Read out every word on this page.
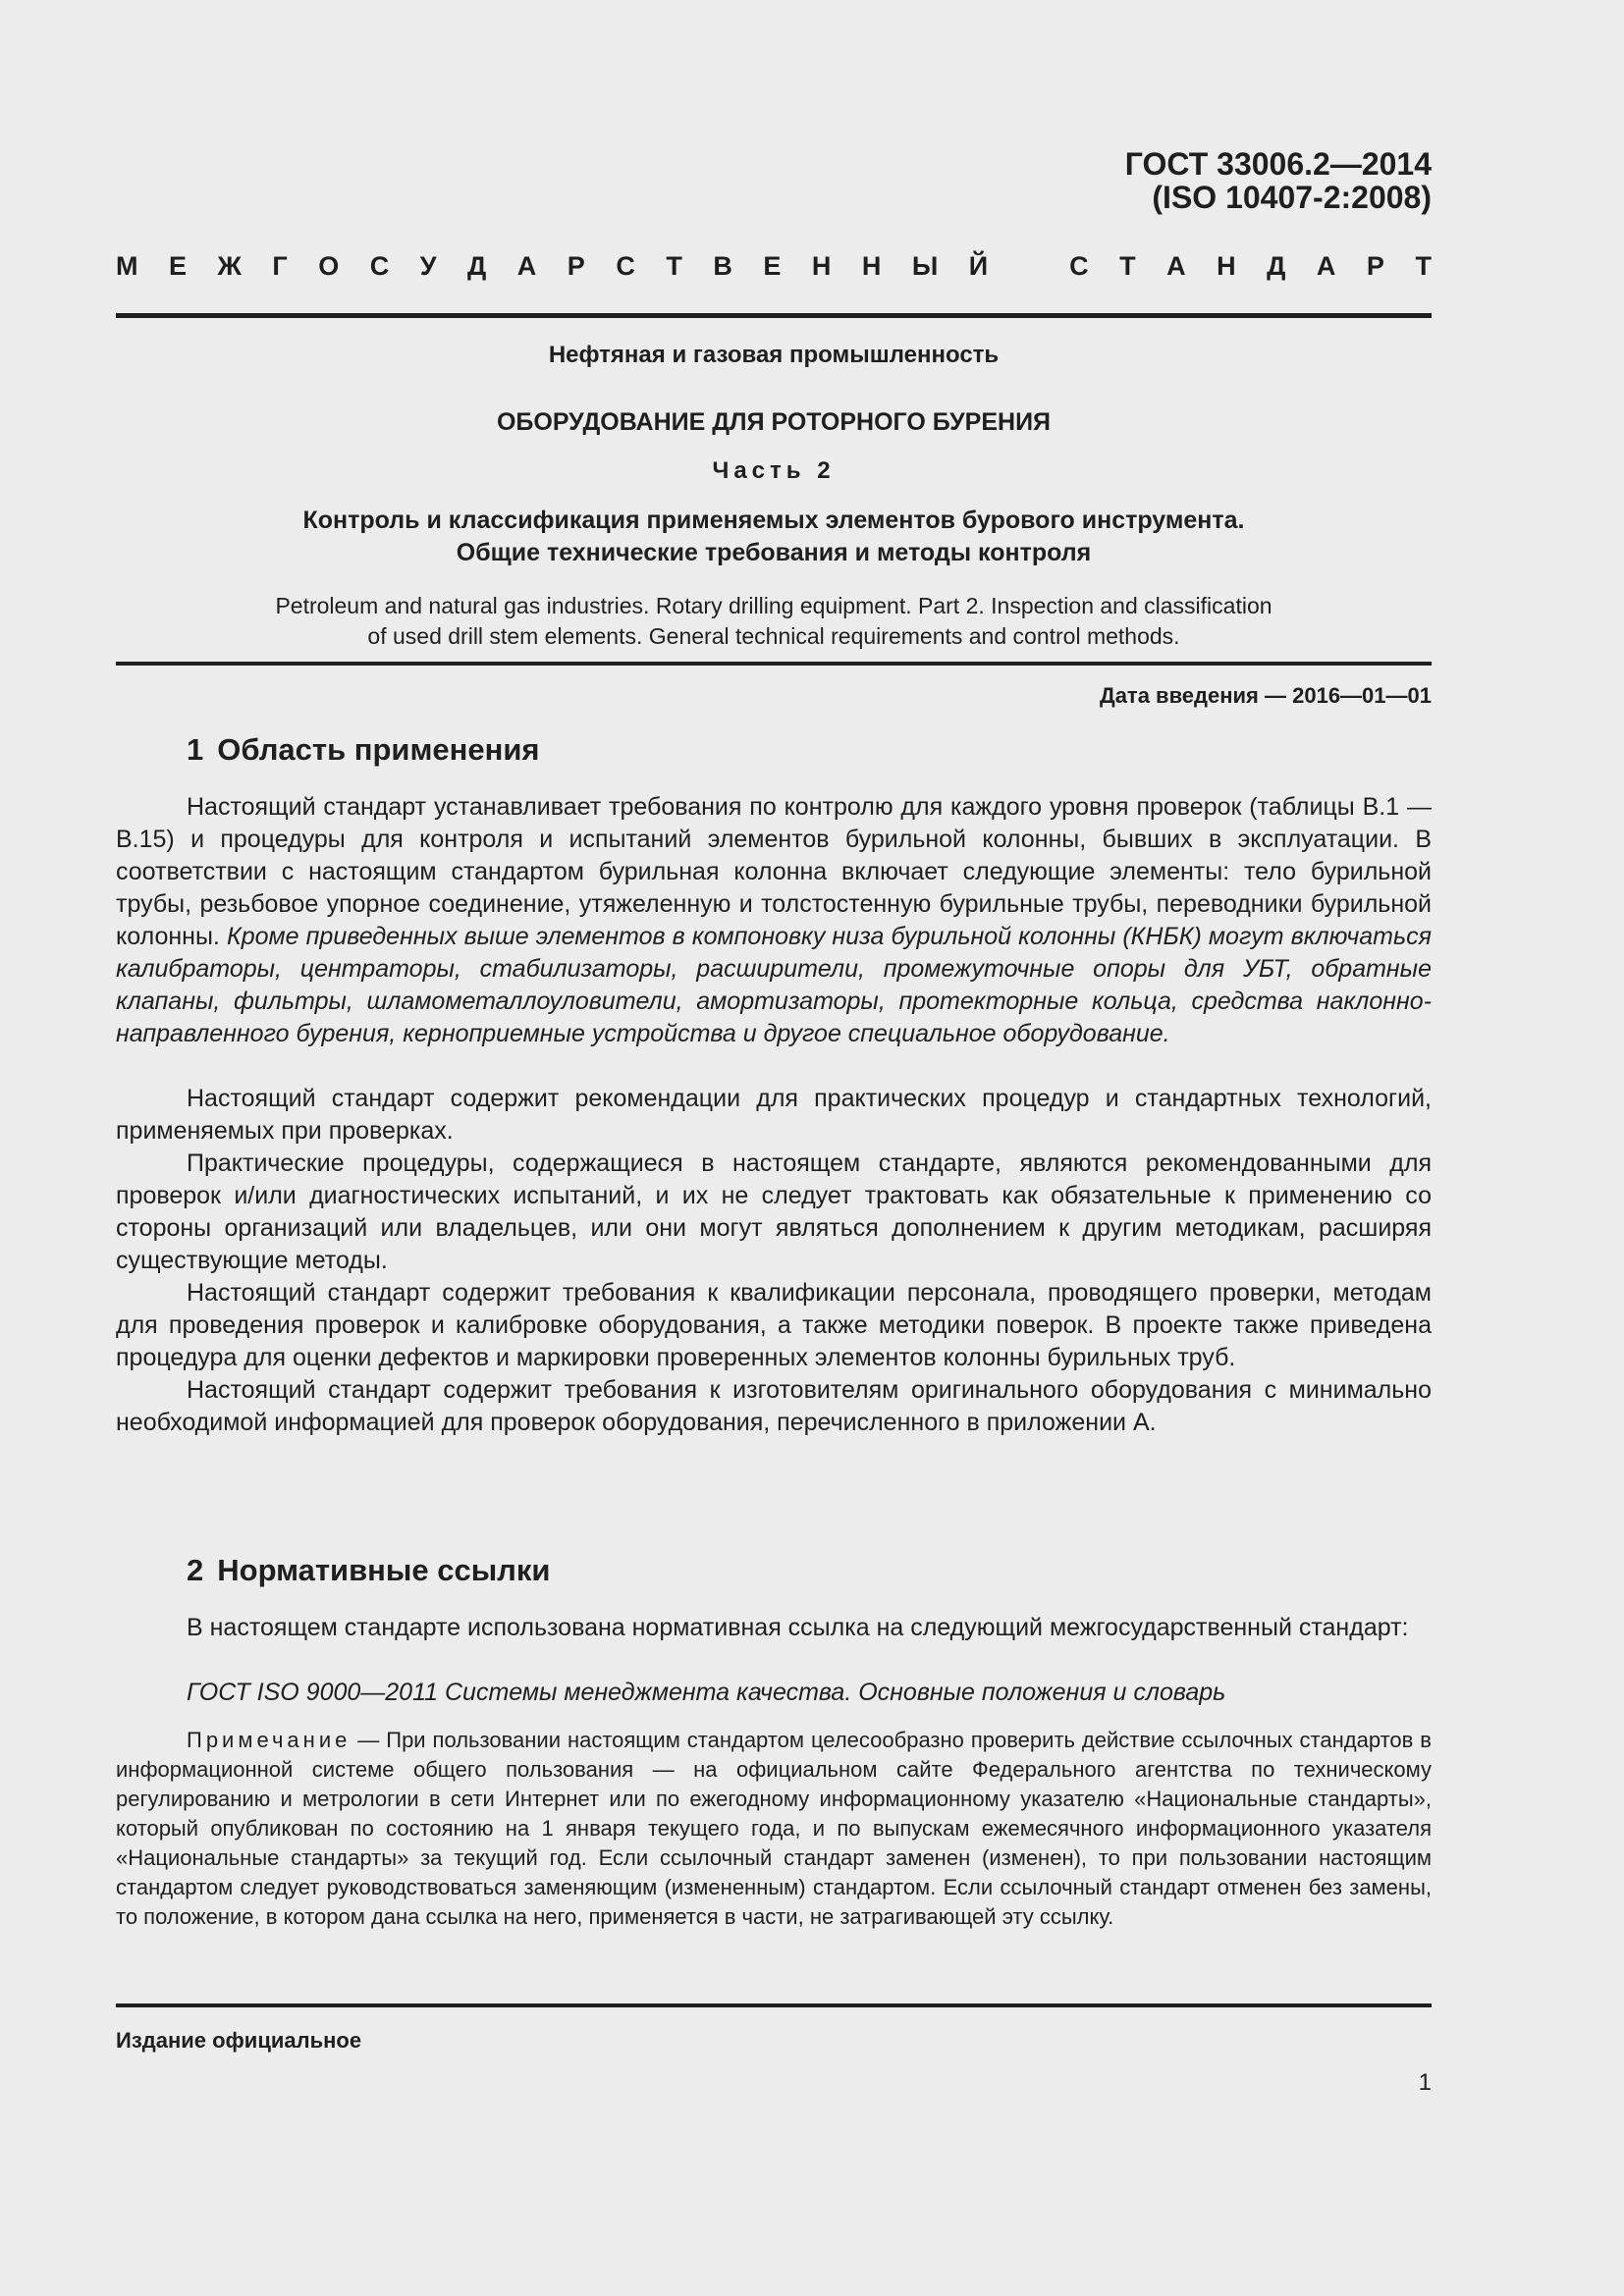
ГОСТ 33006.2—2014
(ISO 10407-2:2008)
М Е Ж Г О С У Д А Р С Т В Е Н Н Ы Й	С Т А Н Д А Р Т
Нефтяная и газовая промышленность
ОБОРУДОВАНИЕ ДЛЯ РОТОРНОГО БУРЕНИЯ
Часть 2
Контроль и классификация применяемых элементов бурового инструмента.
Общие технические требования и методы контроля
Petroleum and natural gas industries. Rotary drilling equipment. Part 2. Inspection and classification
of used drill stem elements. General technical requirements and control methods.
Дата введения — 2016—01—01
1 Область применения

Настоящий стандарт устанавливает требования по контролю для каждого уровня проверок (таблицы B.1 — B.15) и процедуры для контроля и испытаний элементов бурильной колонны, бывших в эксплуатации. В соответствии с настоящим стандартом бурильная колонна включает следующие элементы: тело бурильной трубы, резьбовое упорное соединение, утяжеленную и толстостенную бурильные трубы, переводники бурильной колонны. Кроме приведенных выше элементов в компоновку низа бурильной колонны (КНБК) могут включаться калибраторы, центраторы, стабилизаторы, расширители, промежуточные опоры для УБТ, обратные клапаны, фильтры, шламометаллоуловители, амортизаторы, протекторные кольца, средства наклонно-направленного бурения, кернoприемные устройства и другое специальное оборудование.

Настоящий стандарт содержит рекомендации для практических процедур и стандартных технологий, применяемых при проверках.

Практические процедуры, содержащиеся в настоящем стандарте, являются рекомендованными для проверок и/или диагностических испытаний, и их не следует трактовать как обязательные к применению со стороны организаций или владельцев, или они могут являться дополнением к другим методикам, расширяя существующие методы.

Настоящий стандарт содержит требования к квалификации персонала, проводящего проверки, методам для проведения проверок и калибровке оборудования, а также методики поверок. В проекте также приведена процедура для оценки дефектов и маркировки проверенных элементов колонны бурильных труб.

Настоящий стандарт содержит требования к изготовителям оригинального оборудования с минимально необходимой информацией для проверок оборудования, перечисленного в приложении А.

2 Нормативные ссылки

В настоящем стандарте использована нормативная ссылка на следующий межгосударственный стандарт:

ГОСТ ISO 9000—2011 Системы менеджмента качества. Основные положения и словарь

Примечание — При пользовании настоящим стандартом целесообразно проверить действие ссылочных стандартов в информационной системе общего пользования — на официальном сайте Федерального агентства по техническому регулированию и метрологии в сети Интернет или по ежегодному информационному указателю «Национальные стандарты», который опубликован по состоянию на 1 января текущего года, и по выпускам ежемесячного информационного указателя «Национальные стандарты» за текущий год. Если ссылочный стандарт заменен (изменен), то при пользовании настоящим стандартом следует руководствоваться заменяющим (измененным) стандартом. Если ссылочный стандарт отменен без замены, то положение, в котором дана ссылка на него, применяется в части, не затрагивающей эту ссылку.

Издание официальное
1
